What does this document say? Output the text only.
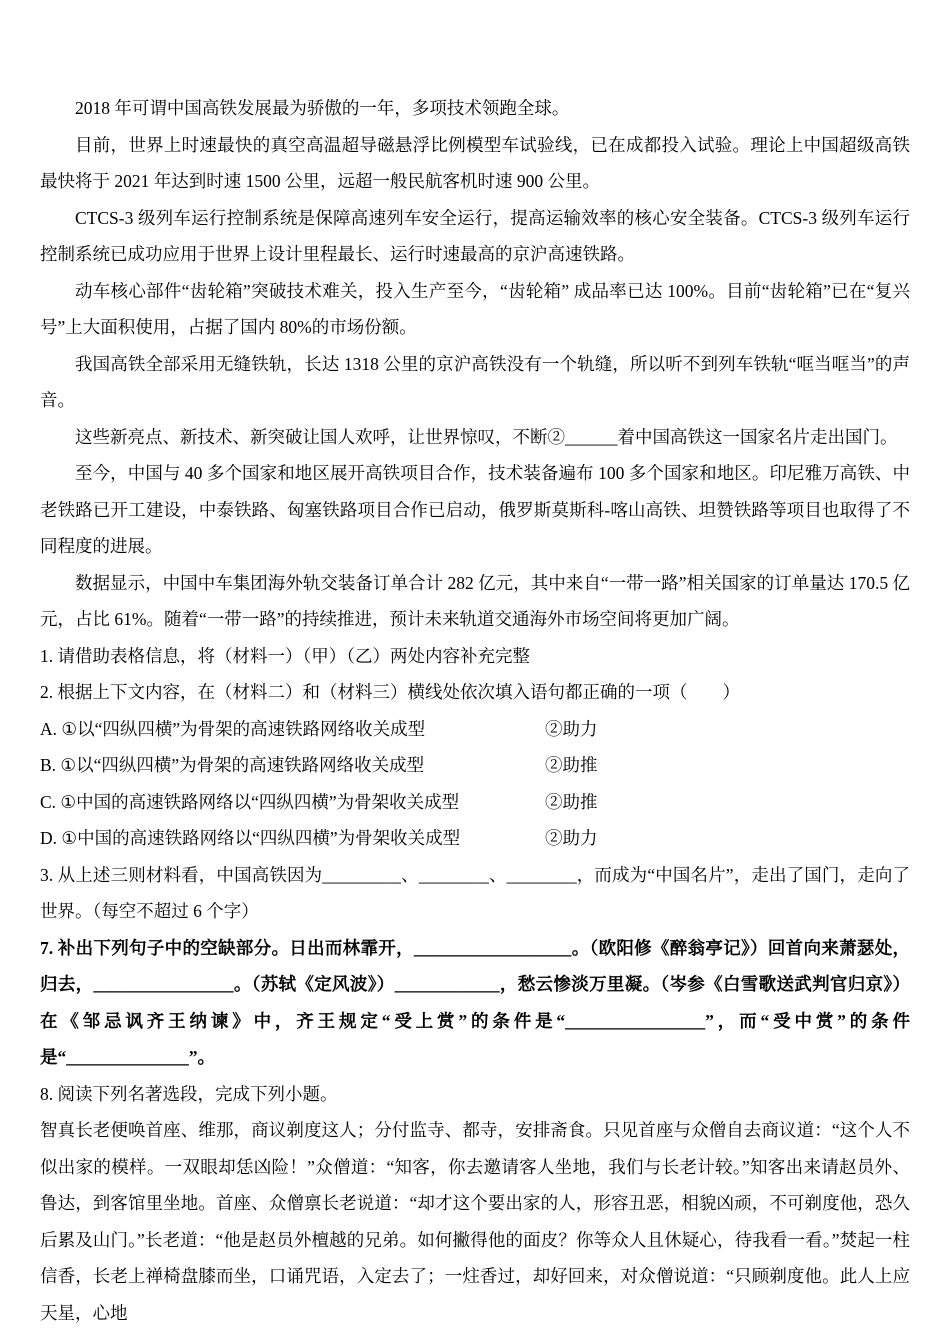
2018 年可谓中国高铁发展最为骄傲的一年，多项技术领跑全球。

目前，世界上时速最快的真空高温超导磁悬浮比例模型车试验线，已在成都投入试验。理论上中国超级高铁最快将于 2021 年达到时速 1500 公里，远超一般民航客机时速 900 公里。

CTCS-3 级列车运行控制系统是保障高速列车安全运行，提高运输效率的核心安全装备。CTCS-3 级列车运行控制系统已成功应用于世界上设计里程最长、运行时速最高的京沪高速铁路。

动车核心部件“齿轮箱”突破技术难关，投入生产至今，“齿轮箱” 成品率已达 100%。目前“齿轮箱”已在“复兴号”上大面积使用，占据了国内 80%的市场份额。

我国高铁全部采用无缝铁轨，长达 1318 公里的京沪高铁没有一个轨缝，所以听不到列车铁轨“哐当哐当”的声音。

这些新亮点、新技术、新突破让国人欢呼，让世界惊叹，不断②______着中国高铁这一国家名片走出国门。

至今，中国与 40 多个国家和地区展开高铁项目合作，技术装备遍布 100 多个国家和地区。印尼雅万高铁、中老铁路已开工建设，中泰铁路、匈塞铁路项目合作已启动，俄罗斯莫斯科-喀山高铁、坦赞铁路等项目也取得了不同程度的进展。

数据显示，中国中车集团海外轨交装备订单合计 282 亿元，其中来自“一带一路”相关国家的订单量达 170.5 亿元，占比 61%。随着“一带一路”的持续推进，预计未来轨道交通海外市场空间将更加广阔。

1. 请借助表格信息，将（材料一）（甲）（乙）两处内容补充完整

2. 根据上下文内容，在（材料二）和（材料三）横线处依次填入语句都正确的一项（　　）

A. ①以“四纵四横”为骨架的高速铁路网络收关成型	②助力

B. ①以“四纵四横”为骨架的高速铁路网络收关成型	②助推

C. ①中国的高速铁路网络以“四纵四横”为骨架收关成型	②助推

D. ①中国的高速铁路网络以“四纵四横”为骨架收关成型	②助力

3. 从上述三则材料看，中国高铁因为_________、________、________，而成为“中国名片”，走出了国门，走向了世界。（每空不超过 6 个字）

7. 补出下列句子中的空缺部分。日出而林霏开，__________________。（欧阳修《醉翁亭记》）回首向来萧瑟处，归去，________________。（苏轼《定风波》）____________，愁云惨淡万里凝。（岑参《白雪歌送武判官归京》）在《邹忌讽齐王纳谏》中，齐王规定“受上赏”的条件是“________________”，而“受中赏”的条件是“______________”。

8. 阅读下列名著选段，完成下列小题。

智真长老便唤首座、维那，商议剃度这人；分付监寺、都寺，安排斋食。只见首座与众僧自去商议道：“这个人不似出家的模样。一双眼却恁凶险！”众僧道：“知客，你去邀请客人坐地，我们与长老计较。”知客出来请赵员外、鲁达，到客馆里坐地。首座、众僧禀长老说道：“却才这个要出家的人，形容丑恶，相貌凶顽，不可剃度他，恐久后累及山门。”长老道：“他是赵员外檀越的兄弟。如何撇得他的面皮？你等众人且休疑心，待我看一看。”焚起一柱信香，长老上禅椅盘膝而坐，口诵咒语，入定去了；一炷香过，却好回来，对众僧说道：“只顾剃度他。此人上应天星，心地
